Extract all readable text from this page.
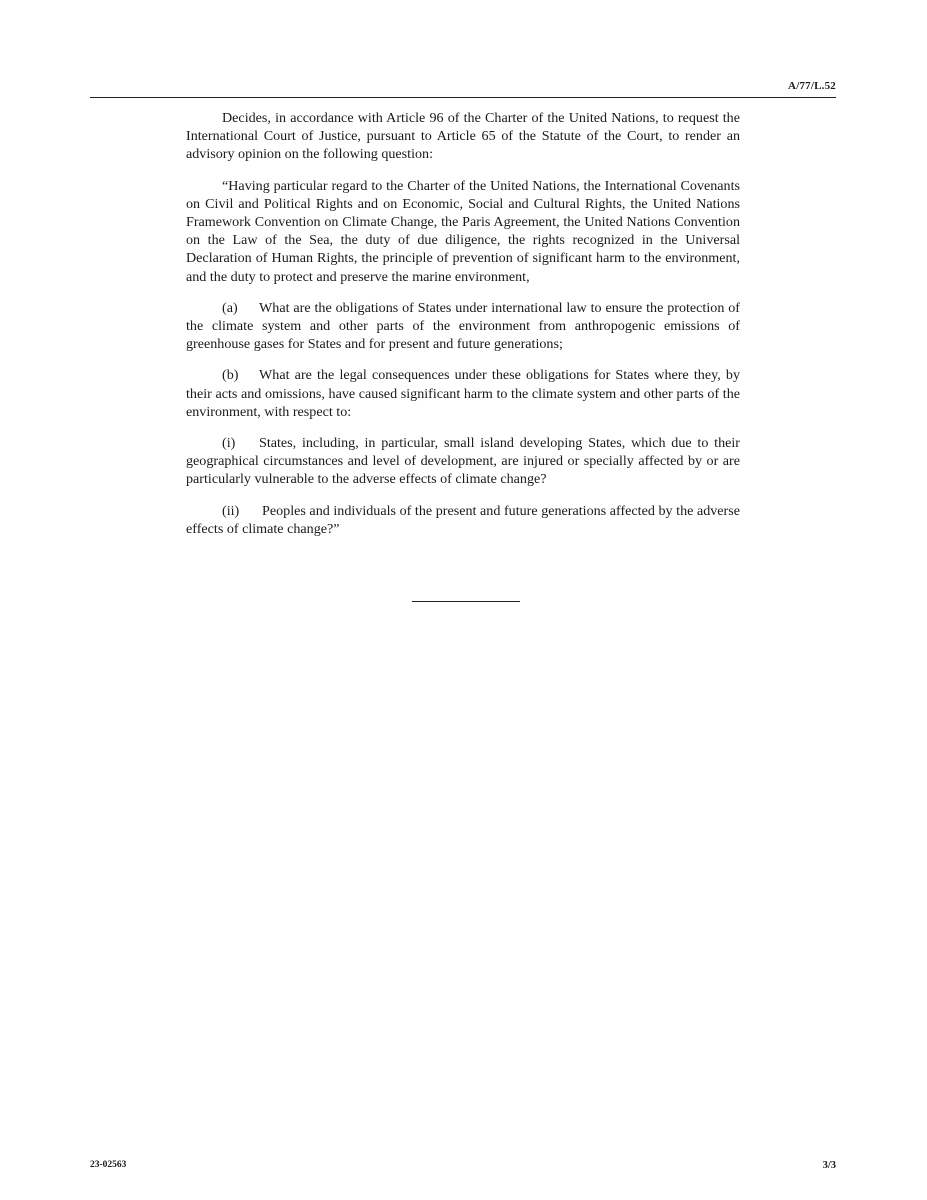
A/77/L.52

Decides, in accordance with Article 96 of the Charter of the United Nations, to request the International Court of Justice, pursuant to Article 65 of the Statute of the Court, to render an advisory opinion on the following question:

“Having particular regard to the Charter of the United Nations, the International Covenants on Civil and Political Rights and on Economic, Social and Cultural Rights, the United Nations Framework Convention on Climate Change, the Paris Agreement, the United Nations Convention on the Law of the Sea, the duty of due diligence, the rights recognized in the Universal Declaration of Human Rights, the principle of prevention of significant harm to the environment, and the duty to protect and preserve the marine environment,

(a) What are the obligations of States under international law to ensure the protection of the climate system and other parts of the environment from anthropogenic emissions of greenhouse gases for States and for present and future generations;

(b) What are the legal consequences under these obligations for States where they, by their acts and omissions, have caused significant harm to the climate system and other parts of the environment, with respect to:

(i) States, including, in particular, small island developing States, which due to their geographical circumstances and level of development, are injured or specially affected by or are particularly vulnerable to the adverse effects of climate change?

(ii) Peoples and individuals of the present and future generations affected by the adverse effects of climate change?”

23-02563	3/3
